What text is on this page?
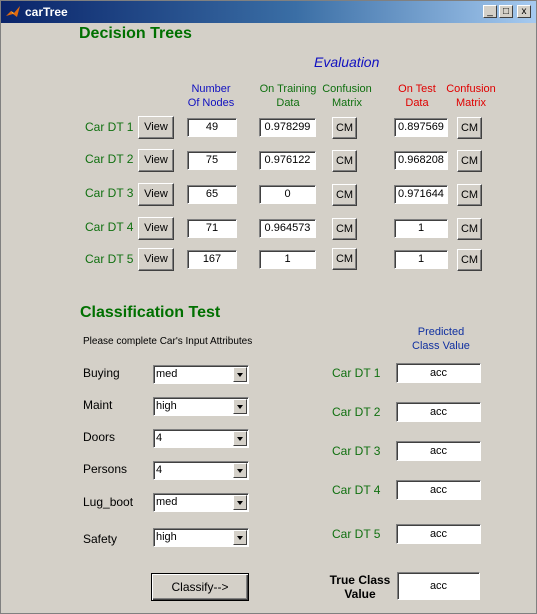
carTree	_	□	x
Decision Trees
Evaluation
Number
Of Nodes
On Training
Data
Confusion
Matrix
On Test
Data
Confusion
Matrix
Car DT 1 View	49	0.978299	CM	0.897569	CM
Car DT 2 View	75	0.976122	CM	0.968208	CM
Car DT 3 View	65	0	CM	0.971644	CM
Car DT 4 View	71	0.964573	CM	1	CM
Car DT 5 View	167	1	CM	1	CM
Classification Test
Please complete Car's Input Attributes
Buying	med
Maint	high
Doors	4
Persons	4
Lug_boot med
Safety	high
Predicted
Class Value
Car DT 1	acc
Car DT 2	acc
Car DT 3	acc
Car DT 4	acc
Car DT 5	acc
Classify-->	True Class
Value
acc
